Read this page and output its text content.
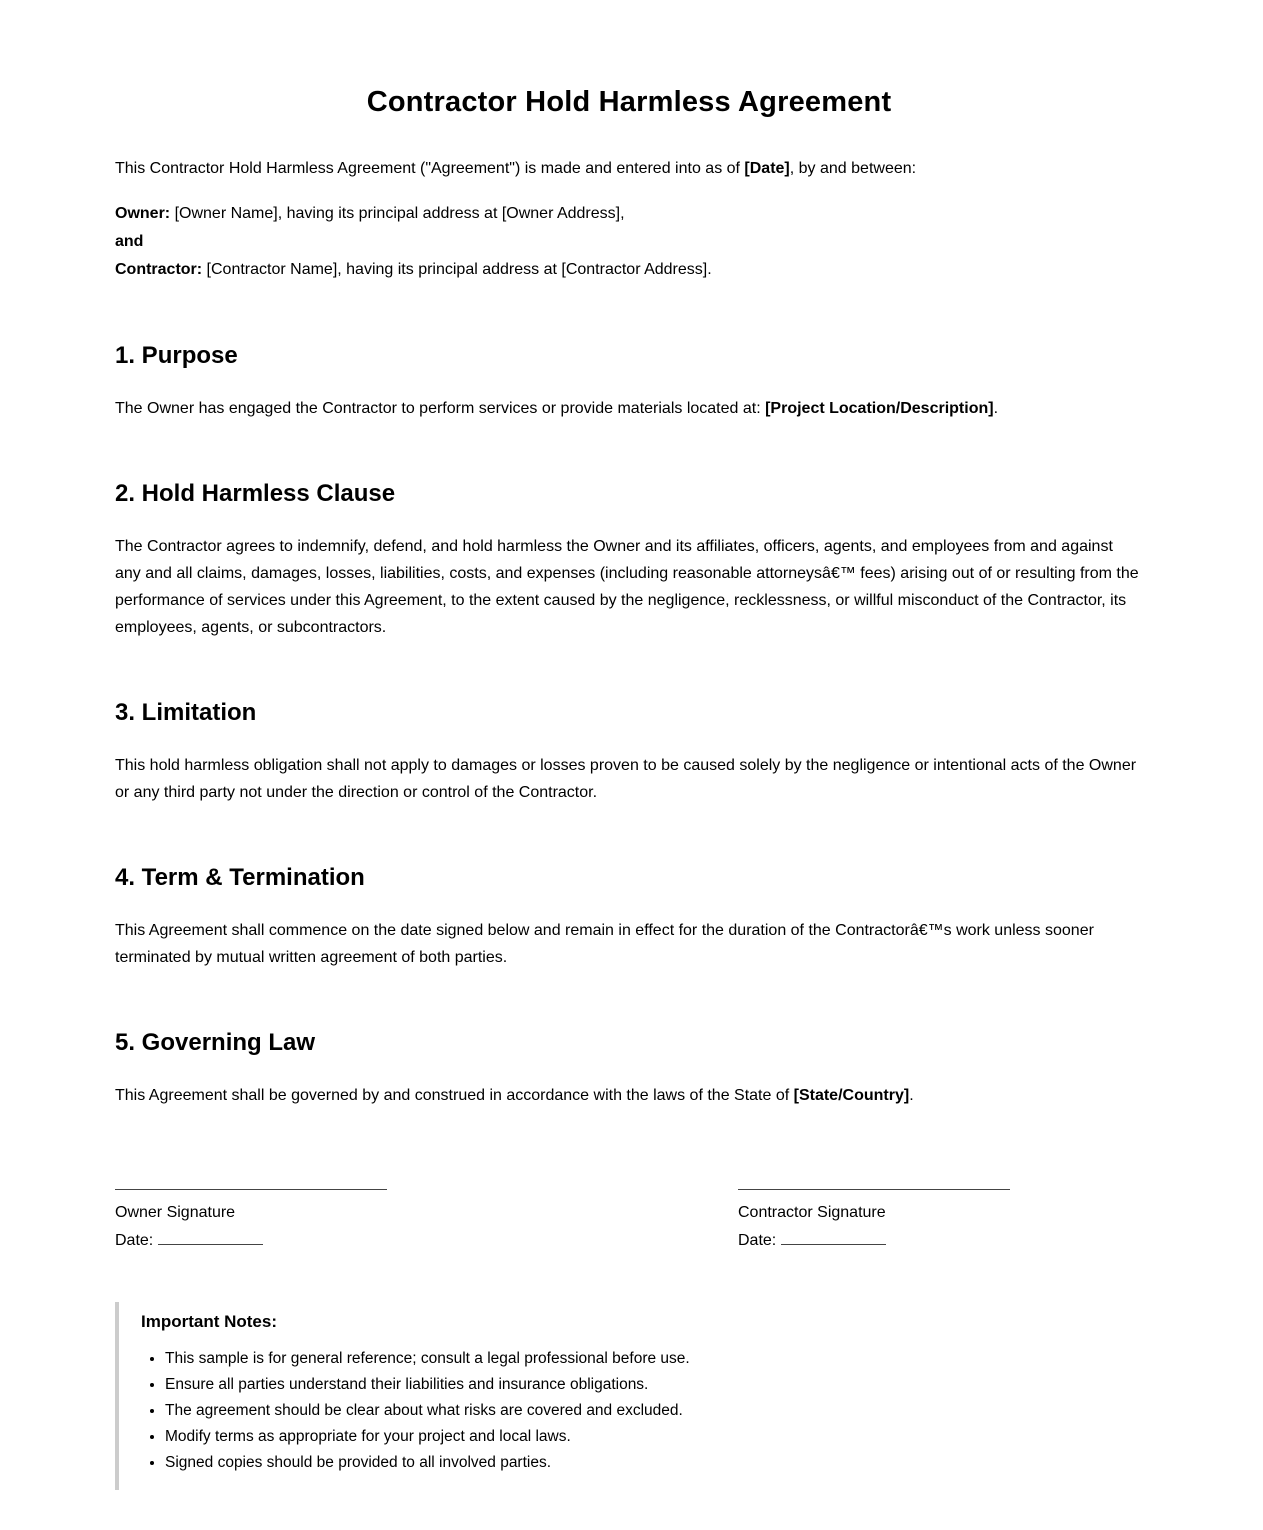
Contractor Hold Harmless Agreement

This Contractor Hold Harmless Agreement ("Agreement") is made and entered into as of [Date], by and between:

Owner: [Owner Name], having its principal address at [Owner Address],
and
Contractor: [Contractor Name], having its principal address at [Contractor Address].

1. Purpose

The Owner has engaged the Contractor to perform services or provide materials located at: [Project Location/Description].

2. Hold Harmless Clause

The Contractor agrees to indemnify, defend, and hold harmless the Owner and its affiliates, officers, agents, and employees from and against any and all claims, damages, losses, liabilities, costs, and expenses (including reasonable attorneysâ€™ fees) arising out of or resulting from the performance of services under this Agreement, to the extent caused by the negligence, recklessness, or willful misconduct of the Contractor, its employees, agents, or subcontractors.

3. Limitation

This hold harmless obligation shall not apply to damages or losses proven to be caused solely by the negligence or intentional acts of the Owner or any third party not under the direction or control of the Contractor.

4. Term & Termination

This Agreement shall commence on the date signed below and remain in effect for the duration of the Contractorâ€™s work unless sooner terminated by mutual written agreement of both parties.

5. Governing Law

This Agreement shall be governed by and construed in accordance with the laws of the State of [State/Country].

Owner Signature
Date:
Contractor Signature
Date:
Important Notes:
• This sample is for general reference; consult a legal professional before use.
• Ensure all parties understand their liabilities and insurance obligations.
• The agreement should be clear about what risks are covered and excluded.
• Modify terms as appropriate for your project and local laws.
• Signed copies should be provided to all involved parties.
